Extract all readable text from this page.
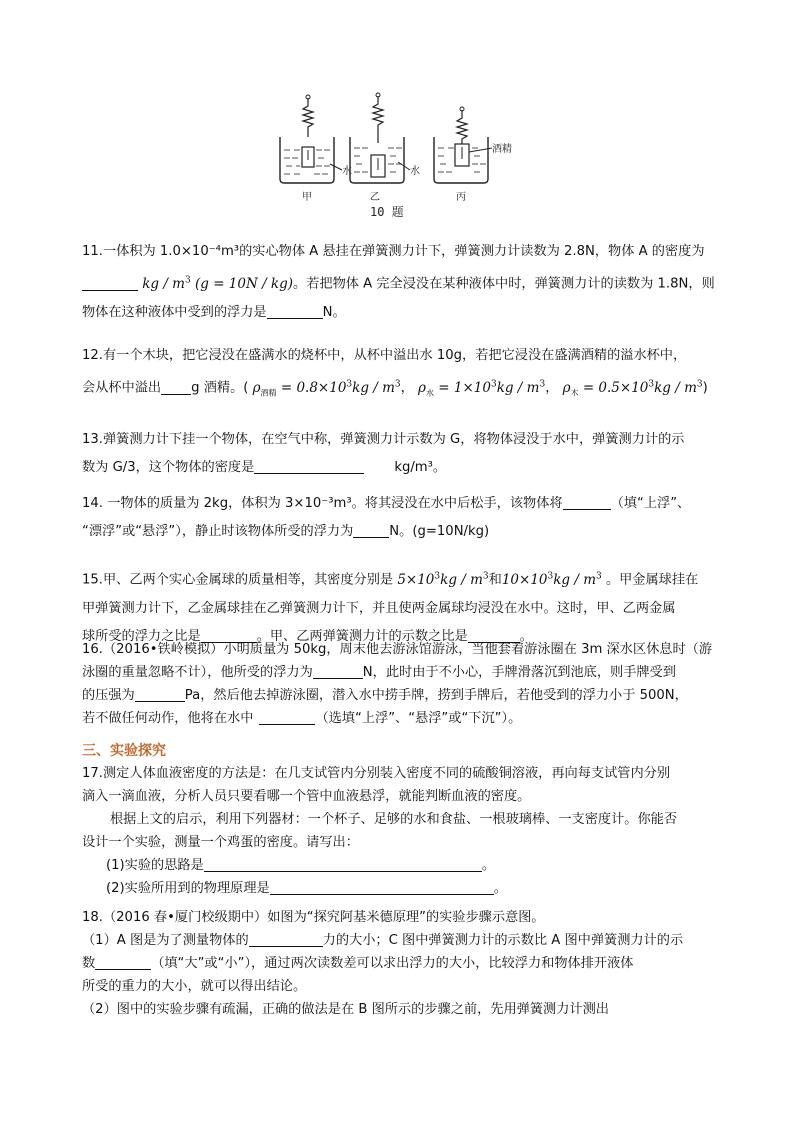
水
甲
水
乙
酒精
丙
10 题
11.一体积为 1.0×10⁻⁴m³的实心物体 A 悬挂在弹簧测力计下，弹簧测力计读数为 2.8N，物体 A 的密度为
kg / $m^3$ (g = 10N / kg)。若把物体 A 完全浸没在某种液体中时，弹簧测力计的读数为 1.8N，则
物体在这种液体中受到的浮力是	N。
12.有一个木块，把它浸没在盛满水的烧杯中，从杯中溢出水 10g，若把它浸没在盛满酒精的溢水杯中，
会从杯中溢出 g 酒精。( $\rho_{酒精} = 0.8\times 10^3kg / m^3$， $\rho_水 = 1\times 10^3kg / m^3$， $\rho_木 = 0.5\times 10^3kg / m^3$)
13.弹簧测力计下挂一个物体，在空气中称，弹簧测力计示数为 G，将物体浸没于水中，弹簧测力计的示
数为 G/3，这个物体的密度是	kg/m³。
14. 一物体的质量为 2kg，体积为 3×10⁻³m³。将其浸没在水中后松手，该物体将	（填“上浮”、
“漂浮”或“悬浮”），静止时该物体所受的浮力为	N。(g=10N/kg)
15.甲、乙两个实心金属球的质量相等，其密度分别是 $5\times 10^3kg / m^3$和$10\times 10^3kg / m^3$ 。甲金属球挂在
甲弹簧测力计下，乙金属球挂在乙弹簧测力计下，并且使两金属球均浸没在水中。这时，甲、乙两金属
球所受的浮力之比是	。甲、乙两弹簧测力计的示数之比是	。
16.（2016•铁岭模拟）小明质量为 50kg，周末他去游泳馆游泳，当他套着游泳圈在 3m 深水区休息时（游
泳圈的重量忽略不计），他所受的浮力为	N，此时由于不小心，手牌滑落沉到池底，则手牌受到
的压强为	Pa，然后他去掉游泳圈，潜入水中捞手牌，捞到手牌后，若他受到的浮力小于 500N，
若不做任何动作，他将在水中	（选填“上浮”、“悬浮”或“下沉”）。
三、实验探究
17.测定人体血液密度的方法是：在几支试管内分别装入密度不同的硫酸铜溶液，再向每支试管内分别
滴入一滴血液，分析人员只要看哪一个管中血液悬浮，就能判断血液的密度。
根据上文的启示，利用下列器材：一个杯子、足够的水和食盐、一根玻璃棒、一支密度计。你能否
设计一个实验，测量一个鸡蛋的密度。请写出：
(1)实验的思路是	。
(2)实验所用到的物理原理是	。
18.（2016 春•厦门校级期中）如图为“探究阿基米德原理”的实验步骤示意图。
（1）A 图是为了测量物体的	力的大小；C 图中弹簧测力计的示数比 A 图中弹簧测力计的示
数	（填“大”或“小”），通过两次读数差可以求出浮力的大小，比较浮力和物体排开液体
所受的重力的大小，就可以得出结论。
（2）图中的实验步骤有疏漏，正确的做法是在 B 图所示的步骤之前，先用弹簧测力计测出
